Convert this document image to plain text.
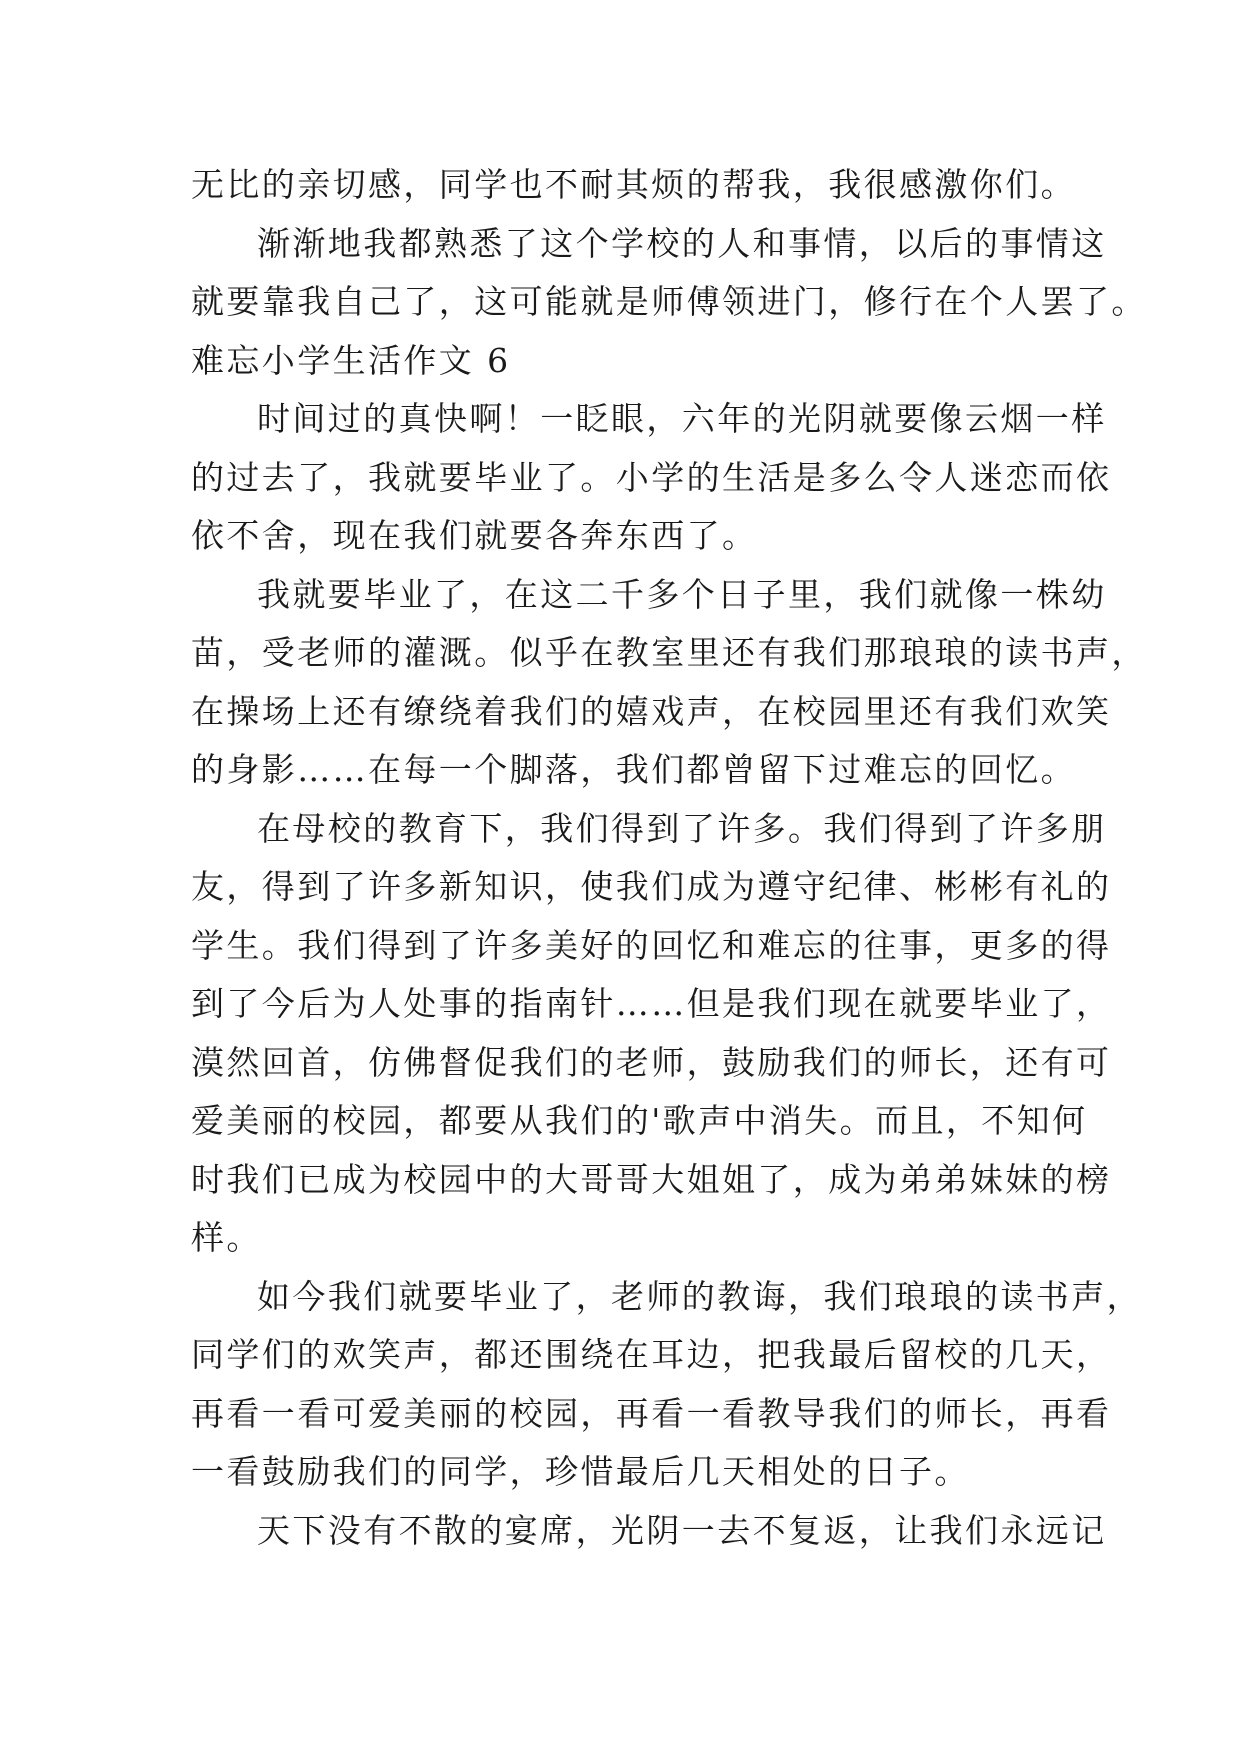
无比的亲切感，同学也不耐其烦的帮我，我很感激你们。
渐渐地我都熟悉了这个学校的人和事情，以后的事情这
就要靠我自己了，这可能就是师傅领进门，修行在个人罢了。
难忘小学生活作文 6
时间过的真快啊！一眨眼，六年的光阴就要像云烟一样
的过去了，我就要毕业了。小学的生活是多么令人迷恋而依
依不舍，现在我们就要各奔东西了。
我就要毕业了，在这二千多个日子里，我们就像一株幼
苗，受老师的灌溉。似乎在教室里还有我们那琅琅的读书声，
在操场上还有缭绕着我们的嬉戏声，在校园里还有我们欢笑
的身影……在每一个脚落，我们都曾留下过难忘的回忆。
在母校的教育下，我们得到了许多。我们得到了许多朋
友，得到了许多新知识，使我们成为遵守纪律、彬彬有礼的
学生。我们得到了许多美好的回忆和难忘的往事，更多的得
到了今后为人处事的指南针……但是我们现在就要毕业了，
漠然回首，仿佛督促我们的老师，鼓励我们的师长，还有可
爱美丽的校园，都要从我们的'歌声中消失。而且，不知何
时我们已成为校园中的大哥哥大姐姐了，成为弟弟妹妹的榜
样。
如今我们就要毕业了，老师的教诲，我们琅琅的读书声，
同学们的欢笑声，都还围绕在耳边，把我最后留校的几天，
再看一看可爱美丽的校园，再看一看教导我们的师长，再看
一看鼓励我们的同学，珍惜最后几天相处的日子。
天下没有不散的宴席，光阴一去不复返，让我们永远记
